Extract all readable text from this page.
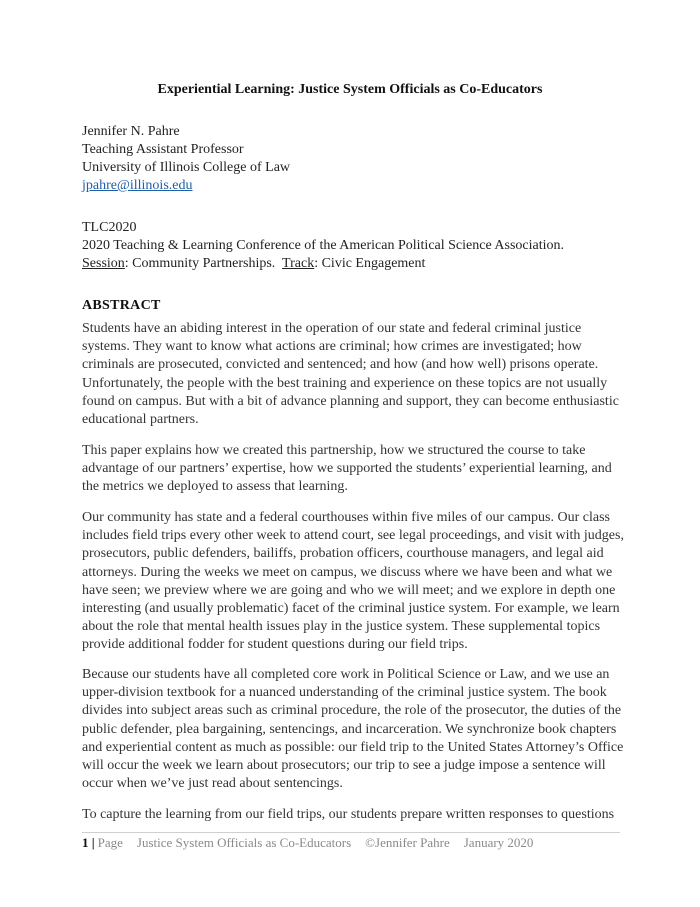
Experiential Learning: Justice System Officials as Co-Educators
Jennifer N. Pahre
Teaching Assistant Professor
University of Illinois College of Law
jpahre@illinois.edu
TLC2020
2020 Teaching & Learning Conference of the American Political Science Association.
Session: Community Partnerships.  Track: Civic Engagement
ABSTRACT
Students have an abiding interest in the operation of our state and federal criminal justice
systems. They want to know what actions are criminal; how crimes are investigated; how
criminals are prosecuted, convicted and sentenced; and how (and how well) prisons operate.
Unfortunately, the people with the best training and experience on these topics are not usually
found on campus. But with a bit of advance planning and support, they can become enthusiastic
educational partners.
This paper explains how we created this partnership, how we structured the course to take
advantage of our partners’ expertise, how we supported the students’ experiential learning, and
the metrics we deployed to assess that learning.
Our community has state and a federal courthouses within five miles of our campus. Our class
includes field trips every other week to attend court, see legal proceedings, and visit with judges,
prosecutors, public defenders, bailiffs, probation officers, courthouse managers, and legal aid
attorneys. During the weeks we meet on campus, we discuss where we have been and what we
have seen; we preview where we are going and who we will meet; and we explore in depth one
interesting (and usually problematic) facet of the criminal justice system. For example, we learn
about the role that mental health issues play in the justice system. These supplemental topics
provide additional fodder for student questions during our field trips.
Because our students have all completed core work in Political Science or Law, and we use an
upper-division textbook for a nuanced understanding of the criminal justice system. The book
divides into subject areas such as criminal procedure, the role of the prosecutor, the duties of the
public defender, plea bargaining, sentencings, and incarceration. We synchronize book chapters
and experiential content as much as possible: our field trip to the United States Attorney’s Office
will occur the week we learn about prosecutors; our trip to see a judge impose a sentence will
occur when we’ve just read about sentencings.
To capture the learning from our field trips, our students prepare written responses to questions
1 | Page Justice System Officials as Co-Educators ©Jennifer Pahre January 2020
